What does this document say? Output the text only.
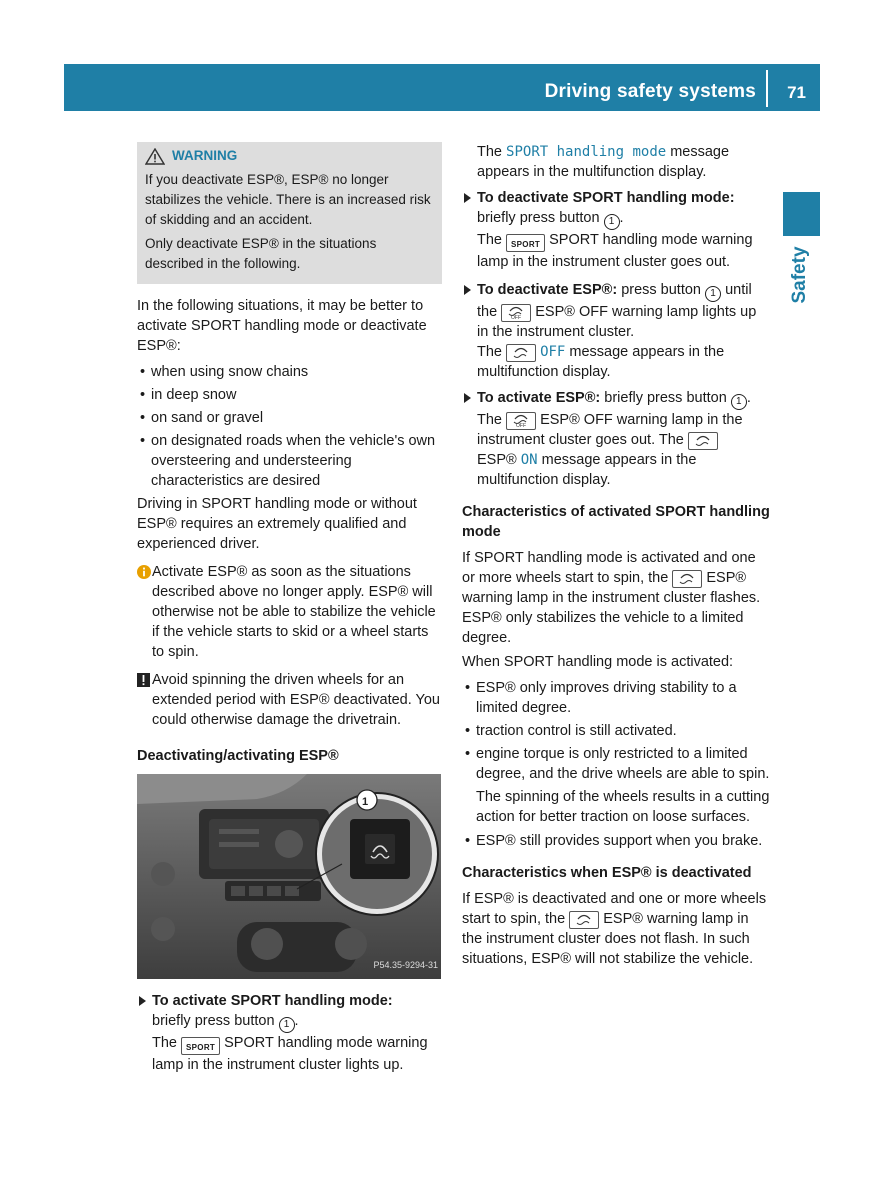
Driving safety systems 71
Safety

WARNING

If you deactivate ESP®, ESP® no longer stabilizes the vehicle. There is an increased risk of skidding and an accident.

Only deactivate ESP® in the situations described in the following.

In the following situations, it may be better to activate SPORT handling mode or deactivate ESP®:

• when using snow chains

• in deep snow

• on sand or gravel

• on designated roads when the vehicle's own oversteering and understeering characteristics are desired

Driving in SPORT handling mode or without ESP® requires an extremely qualified and experienced driver.

Activate ESP® as soon as the situations described above no longer apply. ESP® will otherwise not be able to stabilize the vehicle if the vehicle starts to skid or a wheel starts to spin.
Avoid spinning the driven wheels for an extended period with ESP® deactivated. You could otherwise damage the drivetrain.

Deactivating/activating ESP®

1
P54.35-9294-31
To activate SPORT handling mode:
briefly press button 1 .
The SPORT SPORT handling mode warning lamp in the instrument cluster lights up.

The SPORT handling mode message appears in the multifunction display.

To deactivate SPORT handling mode:
briefly press button 1 .
The SPORT SPORT handling mode warning lamp in the instrument cluster goes out.
To deactivate ESP®: press button 1 until the	OFF ESP® OFF warning lamp lights up in the instrument cluster.
The	OFF message appears in the multifunction display.
To activate ESP®: briefly press button 1 .
The	OFF ESP® OFF warning lamp in the instrument cluster goes out. The
ESP® ON message appears in the multifunction display.

Characteristics of activated SPORT handling mode

If SPORT handling mode is activated and one or more wheels start to spin, the	ESP® warning lamp in the instrument cluster flashes. ESP® only stabilizes the vehicle to a limited degree.

When SPORT handling mode is activated:

• ESP® only improves driving stability to a limited degree.

• traction control is still activated.

• engine torque is only restricted to a limited degree, and the drive wheels are able to spin.

The spinning of the wheels results in a cutting action for better traction on loose surfaces.

• ESP® still provides support when you brake.

Characteristics when ESP® is deactivated

If ESP® is deactivated and one or more wheels start to spin, the	ESP® warning lamp in the instrument cluster does not flash. In such situations, ESP® will not stabilize the vehicle.
